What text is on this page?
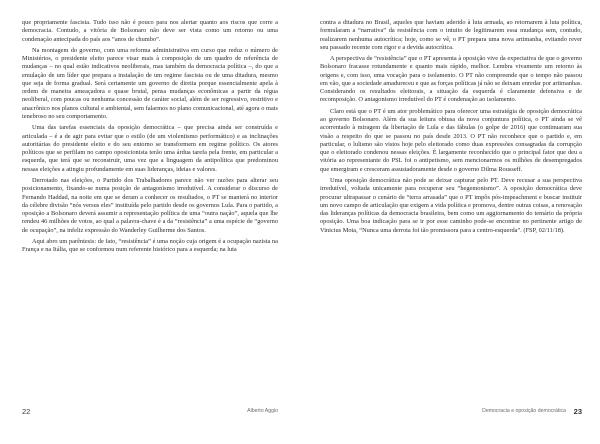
que propriamente fascista. Tudo isso não é pouco para nos alertar quanto aos riscos que corre a democracia. Contudo, a vitória de Bolsonaro não deve ser vista como um retorno ou uma condenação antecipada do país aos “anos de chumbo”.

Na montagem do governo, com uma reforma administrativa em curso que reduz o número de Ministérios, o presidente eleito parece visar mais à composição de um quadro de referência de mudanças – no qual estão indicativos neoliberais, mas também da democracia política –, do que a emulação de um líder que prepara a instalação de um regime fascista ou de uma ditadura, mesmo que seja de forma gradual. Será certamente um governo de direita porque essencialmente apela à ordem de maneira ameaçadora e quase brutal, pensa mudanças econômicas a partir da régua neoliberal, com poucas ou nenhuma concessão de caráter social, além de ser regressivo, restritivo e anacrônico nos planos cultural e ambiental, sem falarmos no plano comunicacional, até agora o mais tenebroso no seu comportamento.

Uma das tarefas essenciais da oposição democrática – que precisa ainda ser construída e articulada – é a de agir para evitar que o estilo (de um violentismo performático) e as inclinações autoritárias do presidente eleito e do seu entorno se transformem em regime político. Os atores políticos que se perfilam no campo oposicionista terão uma árdua tarefa pela frente, em particular a esquerda, que terá que se reconstruir, uma vez que a linguagem da antipolítica que predominou nessas eleições a atingiu profundamente em suas lideranças, ideias e valores.

Derrotado nas eleições, o Partido dos Trabalhadores parece não ver razões para alterar seu posicionamento, fixando-se numa posição de antagonismo irredutível. A considerar o discurso de Fernando Haddad, na noite em que se deram a conhecer os resultados, o PT se manterá no interior da célebre divisão “nós versus eles” instituída pelo partido desde os governos Lula. Para o partido, a oposição a Bolsonaro deverá assumir a representação política de uma “outra nação”, aquela que lhe rendeu 46 milhões de votos, ao qual a palavra-chave é a da “resistência” a uma espécie de “governo de ocupação”, na infeliz expressão do Wanderley Guilherme dos Santos.

Aqui abro um parêntesis: de fato, “resistência” é uma noção cuja origem é a ocupação nazista na França e na Itália, que se conformou num referente histórico para a esquerda; na luta

22	Alberto Aggio

contra a ditadura no Brasil, aqueles que haviam aderido à luta armada, ao retornarem à luta política, formularam a “narrativa” da resistência com o intuito de legitimarem essa mudança sem, contudo, realizarem nenhuma autocrítica; hoje, como se vê, o PT prepara uma nova artimanha, evitando rever seu passado recente com rigor e a devida autocrítica.

A perspectiva de “resistência” que o PT apresenta à oposição vive da expectativa de que o governo Bolsonaro fracasse rotundamente e quanto mais rápido, melhor. Lembra vivamente um retorno às origens e, com isso, uma vocação para o isolamento. O PT não compreende que o tempo não passou em vão, que a sociedade amadureceu e que as forças políticas já não se deixam enredar por artimanhas. Considerando os resultados eleitorais, a situação da esquerda é claramente defensiva e de recomposição. O antagonismo irredutível do PT é condenação ao isolamento.

Claro está que o PT é um ator problemático para oferecer uma estratégia de oposição democrática ao governo Bolsonaro. Além da sua leitura obtusa da nova conjuntura política, o PT ainda se vê acorrentado à miragem da libertação de Lula e das fábulas (o golpe de 2016) que continuaram sua visão a respeito do que se passou no país desde 2013. O PT não reconhece que o partido e, em particular, o lulismo são vistos hoje pelo eleitorado como duas expressões consagradas da corrupção que o eleitorado condenou nessas eleições. É largamente reconhecido que o principal fator que deu a vitória ao representante do PSL foi o antipetismo, sem mencionarmos os milhões de desempregados que emergiram e cresceram assustadoramente desde o governo Dilma Rousseff.

Uma oposição democrática não pode se deixar capturar pelo PT. Deve recusar a sua perspectiva irredutível, voltada unicamente para recuperar seu “hegemonismo”. A oposição democrática deve procurar ultrapassar o cenário de “terra arrasada” que o PT impôs pós-impeachment e buscar instituir um novo campo de articulação que exigem a vida política e promova, dentre outras coisas, a renovação das lideranças políticas da democracia brasileira, bem como um aggiornamento do temário da própria oposição. Uma boa indicação para se ir por esse caminho pode-se encontrar no pertinente artigo de Vinicius Mota, “Nunca uma derrota foi tão promissora para a centro-esquerda”. (FSP, 02/11/18).

Democracia e oposição democrática 23
